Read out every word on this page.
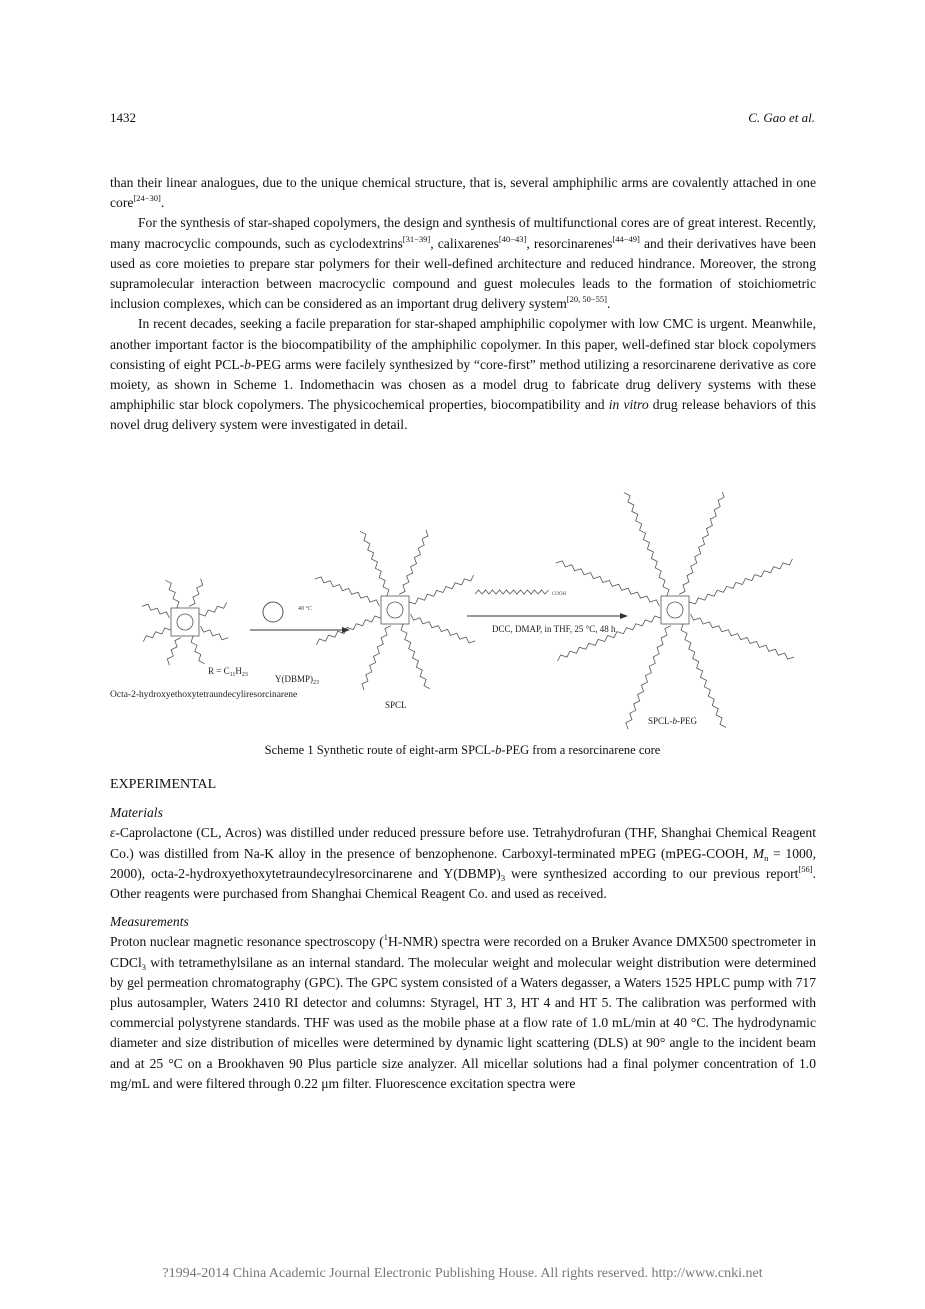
1432	C. Gao et al.

than their linear analogues, due to the unique chemical structure, that is, several amphiphilic arms are covalently attached in one core[24−30].

For the synthesis of star-shaped copolymers, the design and synthesis of multifunctional cores are of great interest. Recently, many macrocyclic compounds, such as cyclodextrins[31−39], calixarenes[40−43], resorcinarenes[44−49] and their derivatives have been used as core moieties to prepare star polymers for their well-defined architecture and reduced hindrance. Moreover, the strong supramolecular interaction between macrocyclic compound and guest molecules leads to the formation of stoichiometric inclusion complexes, which can be considered as an important drug delivery system[20, 50−55].

In recent decades, seeking a facile preparation for star-shaped amphiphilic copolymer with low CMC is urgent. Meanwhile, another important factor is the biocompatibility of the amphiphilic copolymer. In this paper, well-defined star block copolymers consisting of eight PCL-b-PEG arms were facilely synthesized by “core-first” method utilizing a resorcinarene derivative as core moiety, as shown in Scheme 1. Indomethacin was chosen as a model drug to fabricate drug delivery systems with these amphiphilic star block copolymers. The physicochemical properties, biocompatibility and in vitro drug release behaviors of this novel drug delivery system were investigated in detail.

40 °C
$Y(DBMP)_{23}$
$R = C_{11}H_{23}$
Octa-2-hydroxyethoxytetraundecyliresorcinarene
SPCL
COOH
DCC, DMAP, in THF, 25 °C, 48 h
SPCL-b-PEG
Scheme 1 Synthetic route of eight-arm SPCL-b-PEG from a resorcinarene core

EXPERIMENTAL

Materials

ε-Caprolactone (CL, Acros) was distilled under reduced pressure before use. Tetrahydrofuran (THF, Shanghai Chemical Reagent Co.) was distilled from Na-K alloy in the presence of benzophenone. Carboxyl-terminated mPEG (mPEG-COOH, $M_n = 1000$, 2000), octa-2-hydroxyethoxytetraundecylresorcinarene and $Y(DBMP)_3$ were synthesized according to our previous report[56]. Other reagents were purchased from Shanghai Chemical Reagent Co. and used as received.

Measurements

Proton nuclear magnetic resonance spectroscopy ($^1$H-NMR) spectra were recorded on a Bruker Avance DMX500 spectrometer in CDCl$_3$ with tetramethylsilane as an internal standard. The molecular weight and molecular weight distribution were determined by gel permeation chromatography (GPC). The GPC system consisted of a Waters degasser, a Waters 1525 HPLC pump with 717 plus autosampler, Waters 2410 RI detector and columns: Styragel, HT 3, HT 4 and HT 5. The calibration was performed with commercial polystyrene standards. THF was used as the mobile phase at a flow rate of 1.0 mL/min at 40 °C. The hydrodynamic diameter and size distribution of micelles were determined by dynamic light scattering (DLS) at 90° angle to the incident beam and at 25 °C on a Brookhaven 90 Plus particle size analyzer. All micellar solutions had a final polymer concentration of 1.0 mg/mL and were filtered through 0.22 μm filter. Fluorescence excitation spectra were

?1994-2014 China Academic Journal Electronic Publishing House. All rights reserved. http://www.cnki.net
